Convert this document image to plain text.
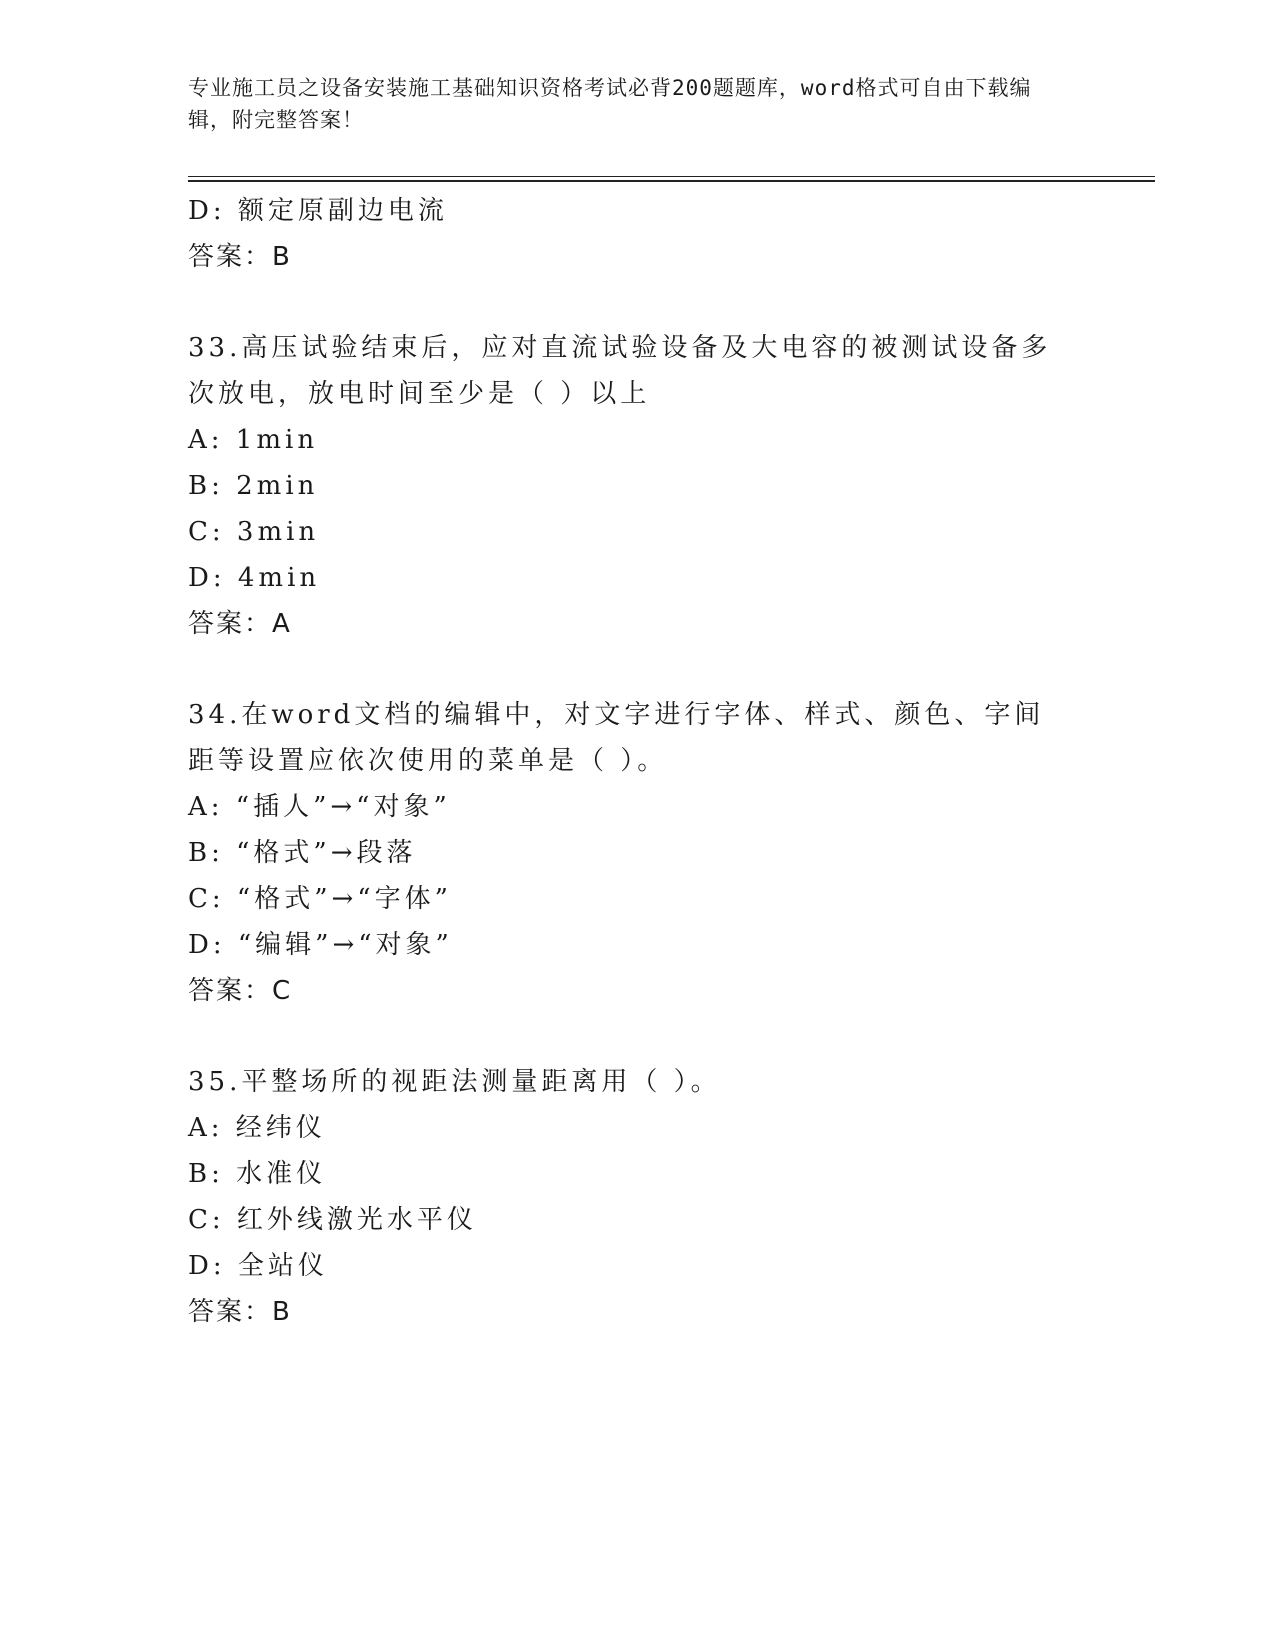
专业施工员之设备安装施工基础知识资格考试必背200题题库，word格式可自由下载编辑，附完整答案！
D: 额定原副边电流
答案：B
33.高压试验结束后，应对直流试验设备及大电容的被测试设备多次放电，放电时间至少是（ ）以上
A: 1min
B: 2min
C: 3min
D: 4min
答案：A
34.在word文档的编辑中，对文字进行字体、样式、颜色、字间距等设置应依次使用的菜单是（ ）。
A: “插人”→“对象”
B: “格式”→段落
C: “格式”→“字体”
D: “编辑”→“对象”
答案：C
35.平整场所的视距法测量距离用（ ）。
A: 经纬仪
B: 水准仪
C: 红外线激光水平仪
D: 全站仪
答案：B
